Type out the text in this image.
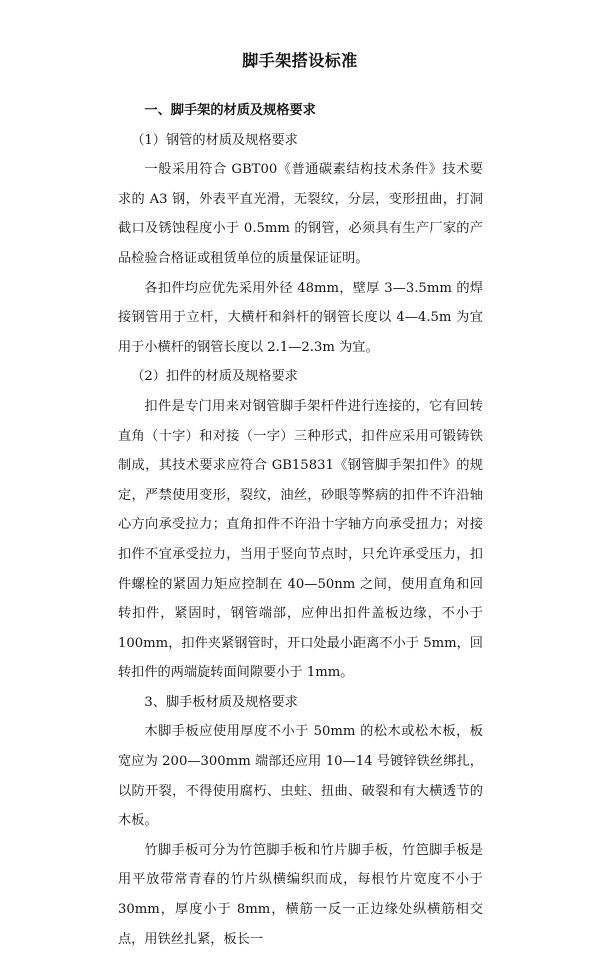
脚手架搭设标准

一、脚手架的材质及规格要求

（1）钢管的材质及规格要求

一般采用符合 GBT00《普通碳素结构技术条件》技术要求的 A3 钢，外表平直光滑，无裂纹，分层，变形扭曲，打洞截口及锈蚀程度小于 0.5mm 的钢管，必须具有生产厂家的产品检验合格证或租赁单位的质量保证证明。

各扣件均应优先采用外径 48mm，壁厚 3—3.5mm 的焊接钢管用于立杆，大横杆和斜杆的钢管长度以 4—4.5m 为宜用于小横杆的钢管长度以 2.1—2.3m 为宜。

（2）扣件的材质及规格要求

扣件是专门用来对钢管脚手架杆件进行连接的，它有回转直角（十字）和对接（一字）三种形式，扣件应采用可锻铸铁制成，其技术要求应符合 GB15831《钢管脚手架扣件》的规定，严禁使用变形，裂纹，油丝，砂眼等弊病的扣件不许沿轴心方向承受拉力；直角扣件不许沿十字轴方向承受扭力；对接扣件不宜承受拉力，当用于竖向节点时，只允许承受压力，扣件螺栓的紧固力矩应控制在 40—50nm 之间，使用直角和回转扣件，紧固时，钢管端部，应伸出扣件盖板边缘，不小于 100mm，扣件夹紧钢管时，开口处最小距离不小于 5mm，回转扣件的两端旋转面间隙要小于 1mm。

3、脚手板材质及规格要求

木脚手板应使用厚度不小于 50mm 的松木或松木板，板宽应为 200—300mm 端部还应用 10—14 号镀锌铁丝绑扎，以防开裂，不得使用腐朽、虫蛀、扭曲、破裂和有大横透节的木板。

竹脚手板可分为竹笆脚手板和竹片脚手板，竹笆脚手板是用平放带常青春的竹片纵横编织而成，每根竹片宽度不小于 30mm，厚度小于 8mm，横筋一反一正边缘处纵横筋相交点，用铁丝扎紧，板长一
